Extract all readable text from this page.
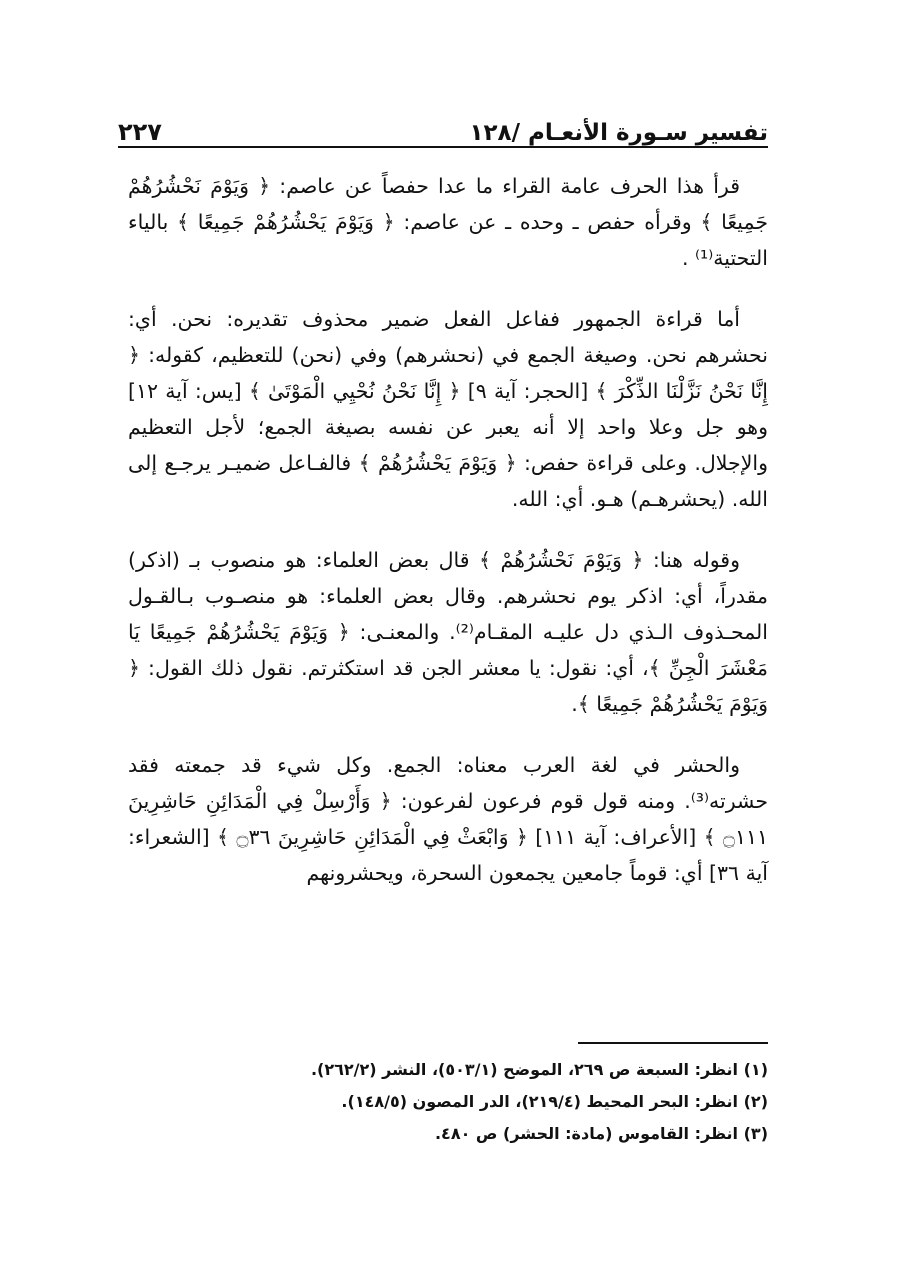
تفسير سـورة الأنعـام /١٢٨
٢٢٧

قرأ هذا الحرف عامة القراء ما عدا حفصاً عن عاصم: ﴿ وَيَوْمَ نَحْشُرُهُمْ جَمِيعًا ﴾ وقرأه حفص ـ وحده ـ عن عاصم: ﴿ وَيَوْمَ يَحْشُرُهُمْ جَمِيعًا ﴾ بالياء التحتية⁽¹⁾ .

أما قراءة الجمهور ففاعل الفعل ضمير محذوف تقديره: نحن. أي: نحشرهم نحن. وصيغة الجمع في (نحشرهم) وفي (نحن) للتعظيم، كقوله: ﴿ إِنَّا نَحْنُ نَزَّلْنَا الذِّكْرَ ﴾ [الحجر: آية ٩] ﴿ إِنَّا نَحْنُ نُحْيِي الْمَوْتَىٰ ﴾ [يس: آية ١٢] وهو جل وعلا واحد إلا أنه يعبر عن نفسه بصيغة الجمع؛ لأجل التعظيم والإجلال. وعلى قراءة حفص: ﴿ وَيَوْمَ يَحْشُرُهُمْ ﴾ فالفـاعل ضميـر يرجـع إلى الله. (يحشرهـم) هـو. أي: الله.

وقوله هنا: ﴿ وَيَوْمَ نَحْشُرُهُمْ ﴾ قال بعض العلماء: هو منصوب بـ (اذكر) مقدراً، أي: اذكر يوم نحشرهم. وقال بعض العلماء: هو منصـوب بـالقـول المحـذوف الـذي دل عليـه المقـام⁽²⁾. والمعنـى: ﴿ وَيَوْمَ يَحْشُرُهُمْ جَمِيعًا يَا مَعْشَرَ الْجِنِّ ﴾، أي: نقول: يا معشر الجن قد استكثرتم. نقول ذلك القول: ﴿ وَيَوْمَ يَحْشُرُهُمْ جَمِيعًا ﴾.

والحشر في لغة العرب معناه: الجمع. وكل شيء قد جمعته فقد حشرته⁽³⁾. ومنه قول قوم فرعون لفرعون: ﴿ وَأَرْسِلْ فِي الْمَدَائِنِ حَاشِرِينَ ۝١١١ ﴾ [الأعراف: آية ١١١] ﴿ وَابْعَثْ فِي الْمَدَائِنِ حَاشِرِينَ ۝٣٦ ﴾ [الشعراء: آية ٣٦] أي: قوماً جامعين يجمعون السحرة، ويحشرونهم

(١) انظر: السبعة ص ٢٦٩، الموضح (٥٠٣/١)، النشر (٢٦٢/٢).
(٢) انظر: البحر المحيط (٢١٩/٤)، الدر المصون (١٤٨/٥).
(٣) انظر: القاموس (مادة: الحشر) ص ٤٨٠.
